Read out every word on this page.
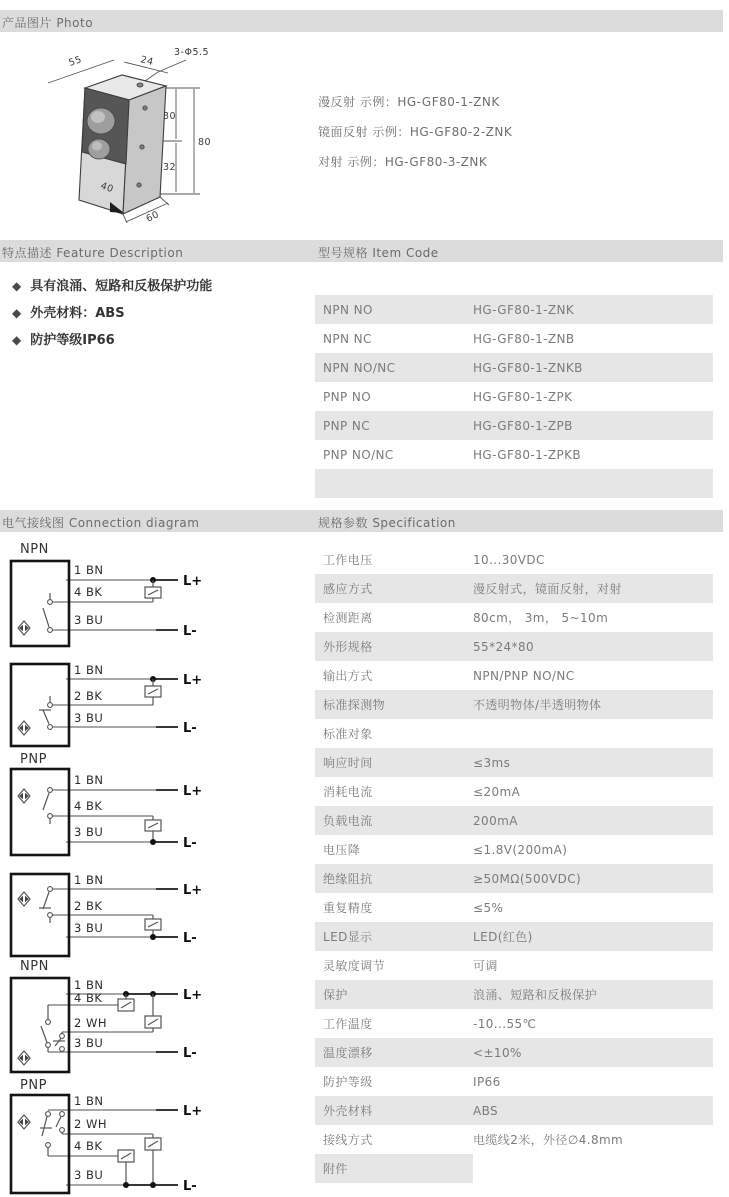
产品图片 Photo
55	24
3-Φ5.5
30
80
32
40
60
漫反射 示例：HG-GF80-1-ZNK
镜面反射 示例：HG-GF80-2-ZNK
对射 示例：HG-GF80-3-ZNK
特点描述 Feature Description	型号规格 Item Code
◆ 具有浪涌、短路和反极保护功能
◆ 外壳材料：ABS
◆ 防护等级IP66
NPN NO	HG-GF80-1-ZNK
NPN NC	HG-GF80-1-ZNB
NPN NO/NC	HG-GF80-1-ZNKB
PNP NO	HG-GF80-1-ZPK
PNP NC	HG-GF80-1-ZPB
PNP NO/NC	HG-GF80-1-ZPKB
电气接线图 Connection diagram	规格参数 Specification
工作电压	10...30VDC
感应方式	漫反射式，镜面反射，对射
检测距离	80cm， 3m， 5~10m
外形规格	55*24*80
输出方式	NPN/PNP NO/NC
标准探测物	不透明物体/半透明物体
标准对象
响应时间	≤3ms
消耗电流	≤20mA
负载电流	200mA
电压降	≤1.8V(200mA)
绝缘阻抗	≥50MΩ(500VDC)
重复精度	≤5%
LED显示	LED(红色)
灵敏度调节	可调
保护	浪涌、短路和反极保护
工作温度	-10...55℃
温度漂移	<±10%
防护等级	IP66
外壳材料	ABS
接线方式	电缆线2米，外径∅4.8mm
附件
NPN
1 BN
4 BK
3 BU
L+
L-
1 BN
2 BK
3 BU
L+
L-
PNP
1 BN
4 BK
3 BU
L+
L-
1 BN
2 BK
3 BU
L+
L-
NPN
1 BN
4 BK
2 WH
3 BU
L+
L-
PNP
1 BN
2 WH
4 BK
3 BU
L+
L-
